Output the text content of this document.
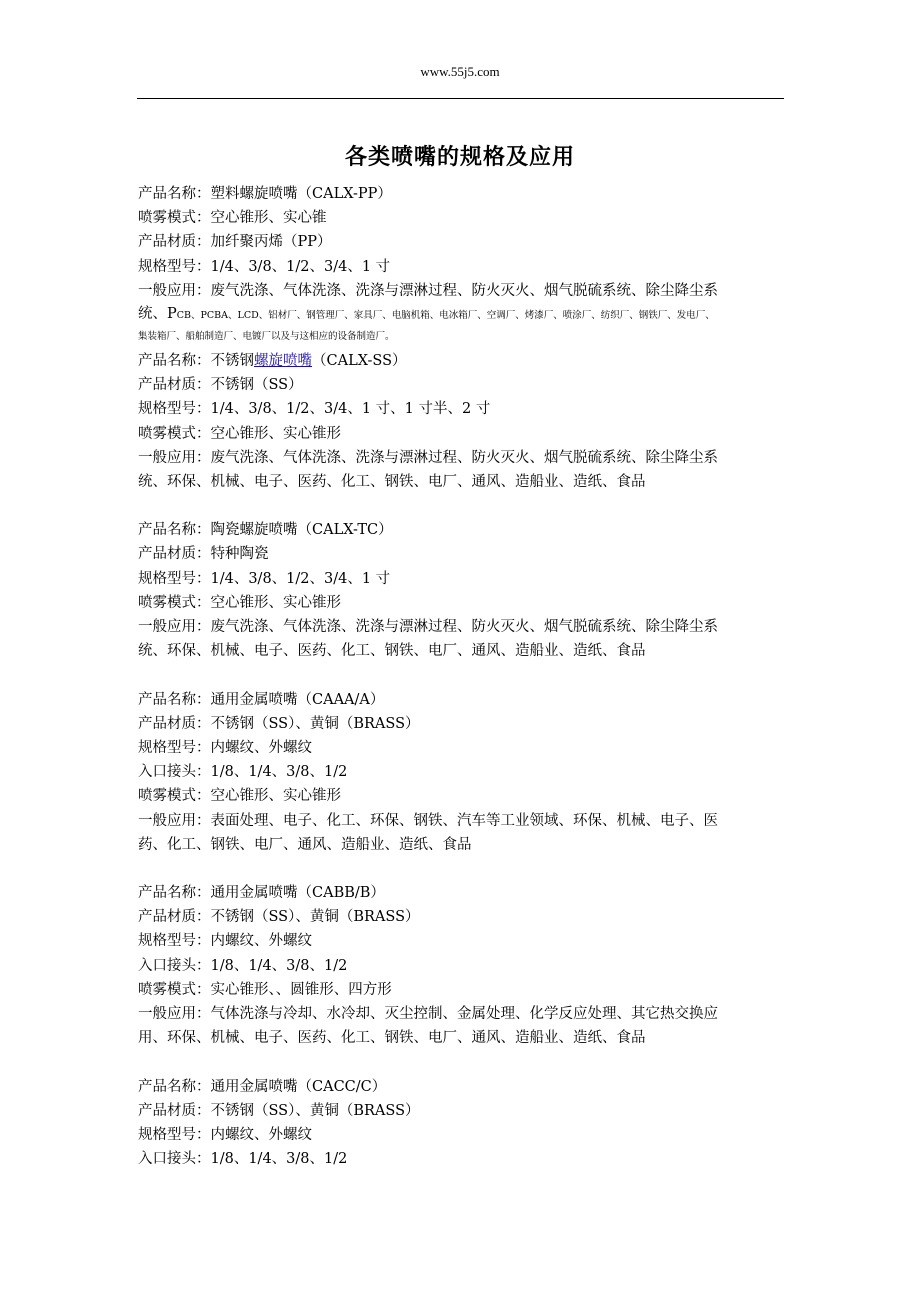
www.55j5.com
各类喷嘴的规格及应用
产品名称：塑料螺旋喷嘴（CALX-PP）
喷雾模式：空心锥形、实心锥
产品材质：加纤聚丙烯（PP）
规格型号：1/4、3/8、1/2、3/4、1 寸
一般应用：废气洗涤、气体洗涤、洗涤与漂淋过程、防火灭火、烟气脱硫系统、除尘降尘系
统、PCB、PCBA、LCD、铝材厂、钢管理厂、家具厂、电脑机箱、电冰箱厂、空调厂、烤漆厂、喷涂厂、纺织厂、钢铁厂、发电厂、
集装箱厂、船舶制造厂、电镀厂以及与这相应的设备制造厂。
产品名称：不锈钢螺旋喷嘴（CALX-SS）
产品材质：不锈钢（SS）
规格型号：1/4、3/8、1/2、3/4、1 寸、1 寸半、2 寸
喷雾模式：空心锥形、实心锥形
一般应用：废气洗涤、气体洗涤、洗涤与漂淋过程、防火灭火、烟气脱硫系统、除尘降尘系
统、环保、机械、电子、医药、化工、钢铁、电厂、通风、造船业、造纸、食品
产品名称：陶瓷螺旋喷嘴（CALX-TC）
产品材质：特种陶瓷
规格型号：1/4、3/8、1/2、3/4、1 寸
喷雾模式：空心锥形、实心锥形
一般应用：废气洗涤、气体洗涤、洗涤与漂淋过程、防火灭火、烟气脱硫系统、除尘降尘系
统、环保、机械、电子、医药、化工、钢铁、电厂、通风、造船业、造纸、食品
产品名称：通用金属喷嘴（CAAA/A）
产品材质：不锈钢（SS）、黄铜（BRASS）
规格型号：内螺纹、外螺纹
入口接头：1/8、1/4、3/8、1/2
喷雾模式：空心锥形、实心锥形
一般应用：表面处理、电子、化工、环保、钢铁、汽车等工业领域、环保、机械、电子、医
药、化工、钢铁、电厂、通风、造船业、造纸、食品
产品名称：通用金属喷嘴（CABB/B）
产品材质：不锈钢（SS）、黄铜（BRASS）
规格型号：内螺纹、外螺纹
入口接头：1/8、1/4、3/8、1/2
喷雾模式：实心锥形、、圆锥形、四方形
一般应用：气体洗涤与冷却、水冷却、灭尘控制、金属处理、化学反应处理、其它热交换应
用、环保、机械、电子、医药、化工、钢铁、电厂、通风、造船业、造纸、食品
产品名称：通用金属喷嘴（CACC/C）
产品材质：不锈钢（SS）、黄铜（BRASS）
规格型号：内螺纹、外螺纹
入口接头：1/8、1/4、3/8、1/2
